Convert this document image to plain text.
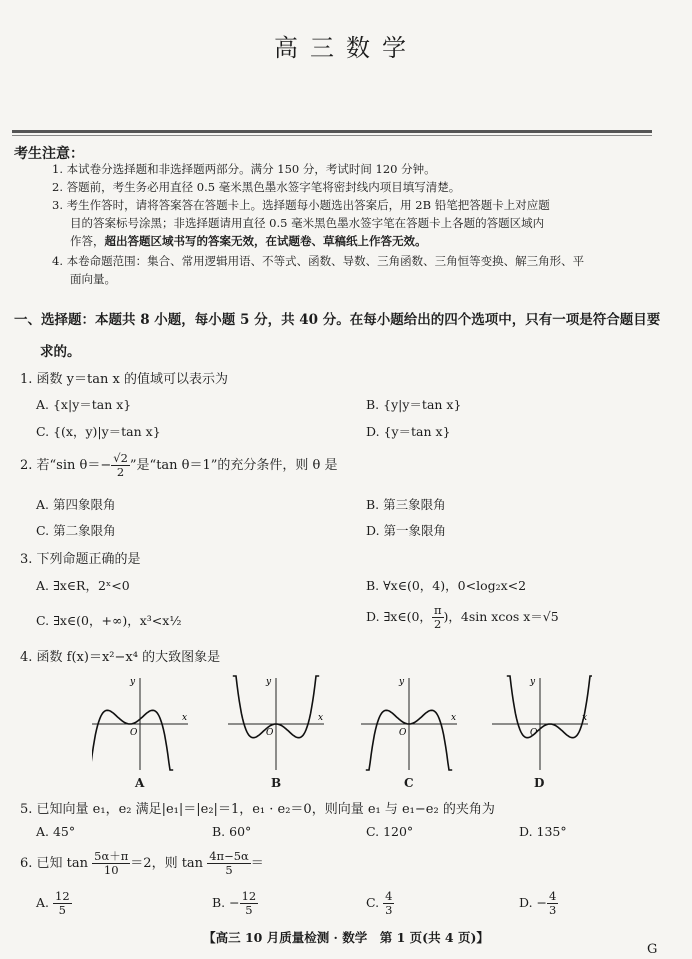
高三数学
考生注意：
1. 本试卷分选择题和非选择题两部分。满分 150 分，考试时间 120 分钟。
2. 答题前，考生务必用直径 0.5 毫米黑色墨水签字笔将密封线内项目填写清楚。
3. 考生作答时，请将答案答在答题卡上。选择题每小题选出答案后，用 2B 铅笔把答题卡上对应题
目的答案标号涂黑；非选择题请用直径 0.5 毫米黑色墨水签字笔在答题卡上各题的答题区域内
作答，超出答题区域书写的答案无效，在试题卷、草稿纸上作答无效。
4. 本卷命题范围：集合、常用逻辑用语、不等式、函数、导数、三角函数、三角恒等变换、解三角形、平
面向量。
一、选择题：本题共 8 小题，每小题 5 分，共 40 分。在每小题给出的四个选项中，只有一项是符合题目要
求的。
1. 函数 y＝tan x 的值域可以表示为
A. {x|y＝tan x}	B. {y|y＝tan x}
C. {(x，y)|y＝tan x}	D. {y＝tan x}
2. 若“sin $\theta=- \frac{√2}{2}$ ”是“tan θ＝1”的充分条件，则 θ 是
A. 第四象限角	B. 第三象限角
C. 第二象限角	D. 第一象限角
3. 下列命题正确的是
A. ∃x∈R，2ˣ<0	B. ∀x∈(0，4)，0<log₂x<2
C. ∃x∈(0，+∞)，x³<x½	D. ∃x∈(0， $\frac{\pi}{2}$ )，4sin xcos x＝√5
4. 函数 f(x)＝x²−x⁴ 的大致图象是
y
x
O
y
x
O
y
x
O
y
x
O
A	B	C	D
5. 已知向量 e₁，e₂ 满足|e₁|＝|e₂|＝1，e₁ · e₂＝0，则向量 e₁ 与 e₁−e₂ 的夹角为
A. 45°	B. 60°	C. 120°	D. 135°
6. 已知 $\tan \frac{5\alpha+\pi}{10} =2$，则 $\tan \frac{4\pi-5\alpha}{5}$ ＝
A. $\frac{12}{5}$	B. − $\frac{12}{5}$	C. $\frac{4}{3}$	D. − $\frac{4}{3}$
【高三 10 月质量检测 · 数学　第 1 页(共 4 页)】
G
